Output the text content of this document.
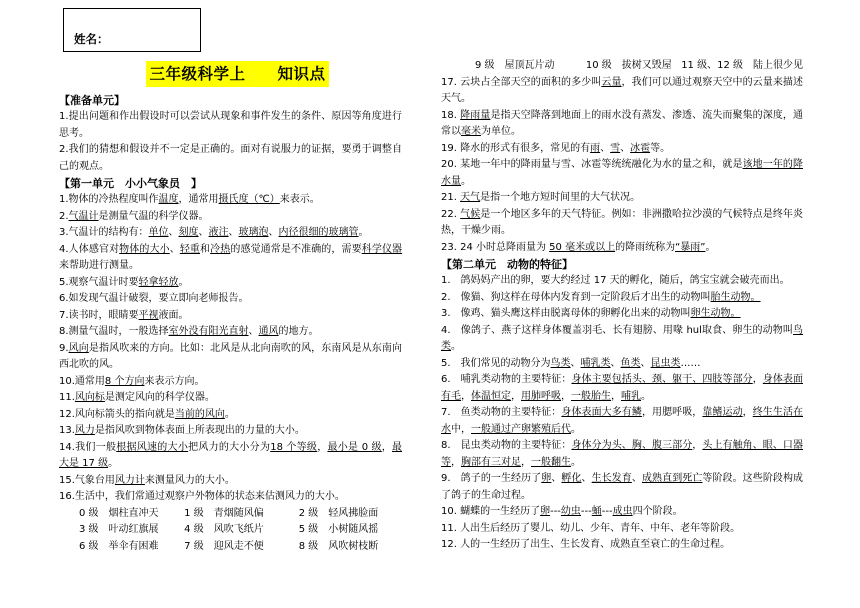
姓名：
三年级科学上　　知识点
【准备单元】

1.提出问题和作出假设时可以尝试从现象和事件发生的条件、原因等角度进行思考。

2.我们的猜想和假设并不一定是正确的。面对有说服力的证据，要勇于调整自己的观点。

【第一单元　小小气象员　】

1.物体的冷热程度叫作温度，通常用摄氏度（℃）来表示。

2.气温计是测量气温的科学仪器。

3.气温计的结构有：单位、刻度、液注、玻璃泡、内径很细的玻璃管。

4.人体感官对物体的大小、轻重和冷热的感觉通常是不准确的，需要科学仪器来帮助进行测量。

5.观察气温计时要轻拿轻放。

6.如发现气温计破裂，要立即向老师报告。

7.读书时，眼睛要平视液面。

8.测量气温时，一般选择室外没有阳光直射、通风的地方。

9.风向是指风吹来的方向。比如：北风是从北向南吹的风，东南风是从东南向西北吹的风。

10.通常用8 个方向来表示方向。

11.风向标是测定风向的科学仪器。

12.风向标箭头的指向就是当前的风向。

13.风力是指风吹到物体表面上所表现出的力量的大小。

14.我们一般根据风速的大小把风力的大小分为18 个等级，最小是 0 级，最大是 17 级。

15.气象台用风力计来测量风力的大小。

16.生活中，我们常通过观察户外物体的状态来估测风力的大小。

0 级　烟柱直冲天	1 级　青烟随风偏	2 级　轻风拂脸面
3 级　叶动红旗展	4 级　风吹飞纸片	5 级　小树随风摇
6 级　举伞有困难	7 级　迎风走不便	8 级　风吹树枝断
9 级　屋顶瓦片动	10 级　拔树又毁屋 11 级、12 级　陆上很少见

17. 云块占全部天空的面积的多少叫云量，我们可以通过观察天空中的云量来描述天气。

18. 降雨量是指天空降落到地面上的雨水没有蒸发、渗透、流失而聚集的深度，通常以毫米为单位。

19. 降水的形式有很多，常见的有雨、雪、冰雹等。

20. 某地一年中的降雨量与雪、冰雹等统统融化为水的量之和，就是该地一年的降水量。

21. 天气是指一个地方短时间里的大气状况。

22. 气候是一个地区多年的天气特征。例如：非洲撒哈拉沙漠的气候特点是终年炎热，干燥少雨。

23. 24 小时总降雨量为 50 毫米或以上的降雨统称为“暴雨”。

【第二单元　动物的特征】

1.　鸽妈妈产出的卵，要大约经过 17 天的孵化，随后，鸽宝宝就会破壳而出。

2.　像猫、狗这样在母体内发育到一定阶段后才出生的动物叫胎生动物。

3.　像鸡、猫头鹰这样由脱离母体的卵孵化出来的动物叫卵生动物。

4.　像鸽子、燕子这样身体覆盖羽毛、长有翅膀、用喙 hul取食、卵生的动物叫鸟类。

5.　我们常见的动物分为鸟类、哺乳类、鱼类、昆虫类……

6.　哺乳类动物的主要特征：身体主要包括头、颈、躯干、四肢等部分，身体表面有毛，体温恒定，用肺呼吸，一般胎生，哺乳。

7.　鱼类动物的主要特征：身体表面大多有鳞，用腮呼吸，靠鳍运动，终生生活在水中，一般通过产卵繁殖后代。

8.　昆虫类动物的主要特征：身体分为头、胸、腹三部分，头上有触角、眼、口器等，胸部有三对足，一般翻生。

9.　鸽子的一生经历了卵、孵化、生长发育、成熟直到死亡等阶段。这些阶段构成了鸽子的生命过程。

10. 蝴蝶的一生经历了卵---幼虫---蛹---成虫四个阶段。

11. 人出生后经历了婴儿、幼儿、少年、青年、中年、老年等阶段。

12. 人的一生经历了出生、生长发育、成熟直至衰亡的生命过程。
